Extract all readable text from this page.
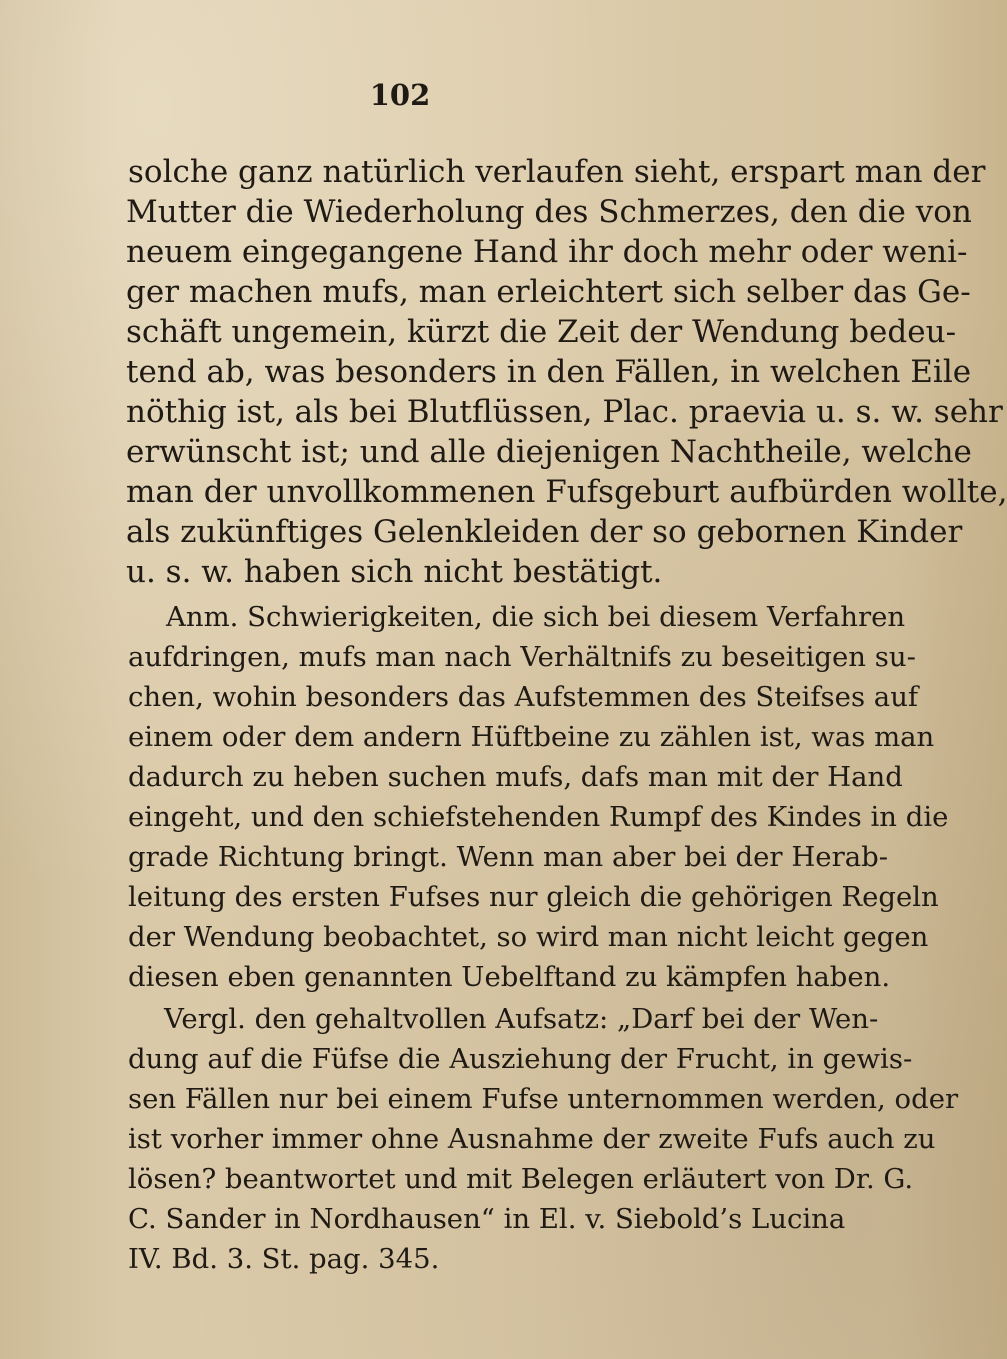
102
solche ganz natürlich verlaufen sieht, erspart man der
Mutter die Wiederholung des Schmerzes, den die von
neuem eingegangene Hand ihr doch mehr oder weni-
ger machen mufs, man erleichtert sich selber das Ge-
schäft ungemein, kürzt die Zeit der Wendung bedeu-
tend ab, was besonders in den Fällen, in welchen Eile
nöthig ist, als bei Blutflüssen, Plac. praevia u. s. w. sehr
erwünscht ist; und alle diejenigen Nachtheile, welche
man der unvollkommenen Fufsgeburt aufbürden wollte,
als zukünftiges Gelenkleiden der so gebornen Kinder
u. s. w. haben sich nicht bestätigt.
Anm. Schwierigkeiten, die sich bei diesem Verfahren
aufdringen, mufs man nach Verhältnifs zu beseitigen su-
chen, wohin besonders das Aufstemmen des Steifses auf
einem oder dem andern Hüftbeine zu zählen ist, was man
dadurch zu heben suchen mufs, dafs man mit der Hand
eingeht, und den schiefstehenden Rumpf des Kindes in die
grade Richtung bringt. Wenn man aber bei der Herab-
leitung des ersten Fufses nur gleich die gehörigen Regeln
der Wendung beobachtet, so wird man nicht leicht gegen
diesen eben genannten Uebelftand zu kämpfen haben.
Vergl. den gehaltvollen Aufsatz: „Darf bei der Wen-
dung auf die Füfse die Ausziehung der Frucht, in gewis-
sen Fällen nur bei einem Fufse unternommen werden, oder
ist vorher immer ohne Ausnahme der zweite Fufs auch zu
lösen? beantwortet und mit Belegen erläutert von Dr. G.
C. Sander in Nordhausen“ in El. v. Siebold’s Lucina
IV. Bd. 3. St. pag. 345.
